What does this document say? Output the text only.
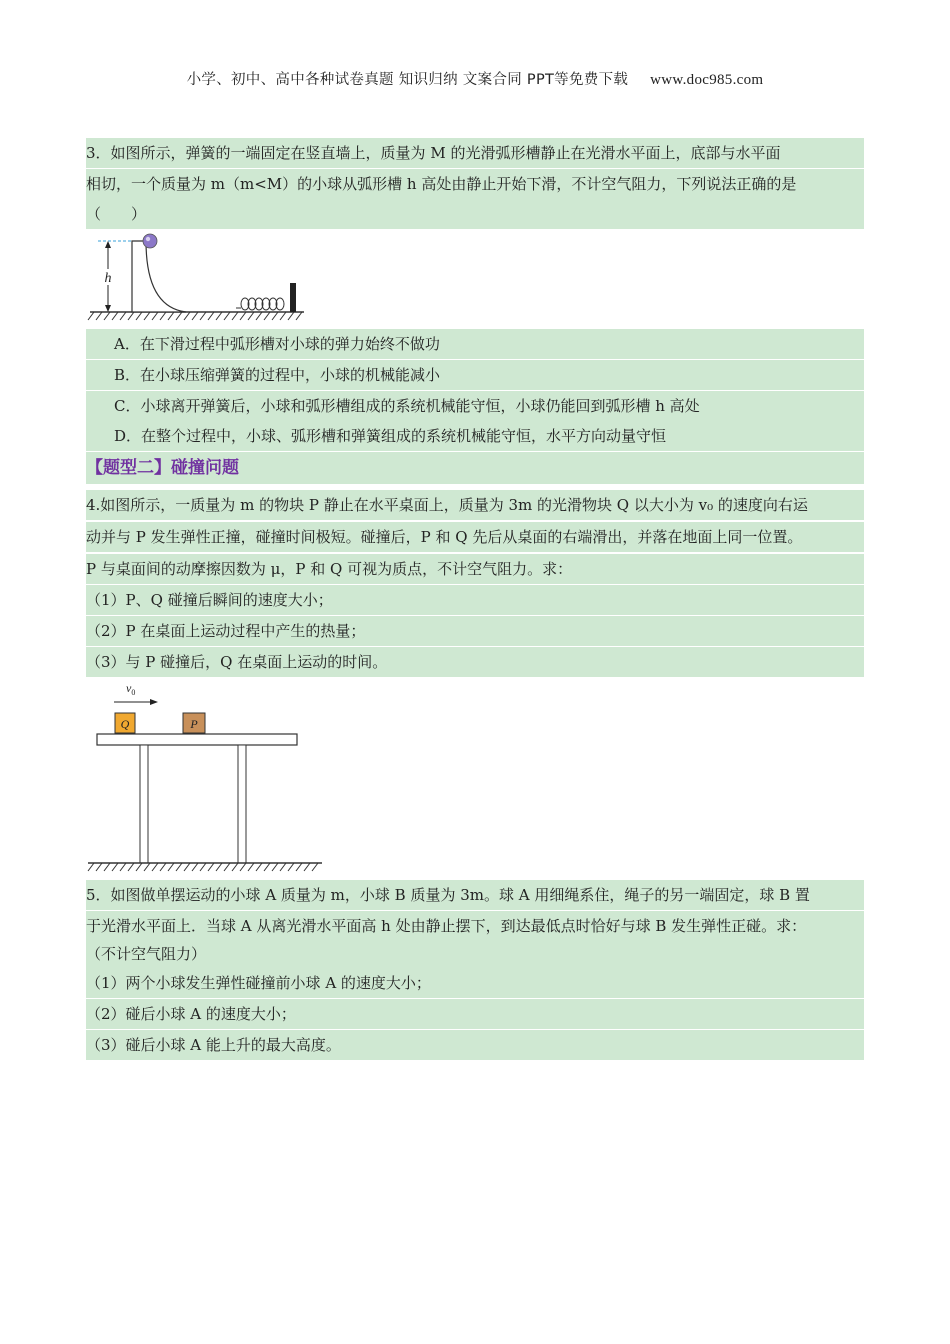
小学、初中、高中各种试卷真题 知识归纳 文案合同 PPT等免费下载 www.doc985.com
3．如图所示，弹簧的一端固定在竖直墙上，质量为 M 的光滑弧形槽静止在光滑水平面上，底部与水平面
相切，一个质量为 m（m<M）的小球从弧形槽 h 高处由静止开始下滑，不计空气阻力，下列说法正确的是
（　　）
h
A．在下滑过程中弧形槽对小球的弹力始终不做功
B．在小球压缩弹簧的过程中，小球的机械能减小
C．小球离开弹簧后，小球和弧形槽组成的系统机械能守恒，小球仍能回到弧形槽 h 高处
D．在整个过程中，小球、弧形槽和弹簧组成的系统机械能守恒，水平方向动量守恒
【题型二】碰撞问题
4.如图所示，一质量为 m 的物块 P 静止在水平桌面上，质量为 3m 的光滑物块 Q 以大小为 v₀ 的速度向右运
动并与 P 发生弹性正撞，碰撞时间极短。碰撞后，P 和 Q 先后从桌面的右端滑出，并落在地面上同一位置。
P 与桌面间的动摩擦因数为 μ，P 和 Q 可视为质点，不计空气阻力。求：
（1）P、Q 碰撞后瞬间的速度大小；
（2）P 在桌面上运动过程中产生的热量；
（3）与 P 碰撞后，Q 在桌面上运动的时间。
$v_0$
Q	P
5．如图做单摆运动的小球 A 质量为 m，小球 B 质量为 3m。球 A 用细绳系住，绳子的另一端固定，球 B 置
于光滑水平面上．当球 A 从离光滑水平面高 h 处由静止摆下，到达最低点时恰好与球 B 发生弹性正碰。求：
（不计空气阻力）
（1）两个小球发生弹性碰撞前小球 A 的速度大小；
（2）碰后小球 A 的速度大小；
（3）碰后小球 A 能上升的最大高度。
